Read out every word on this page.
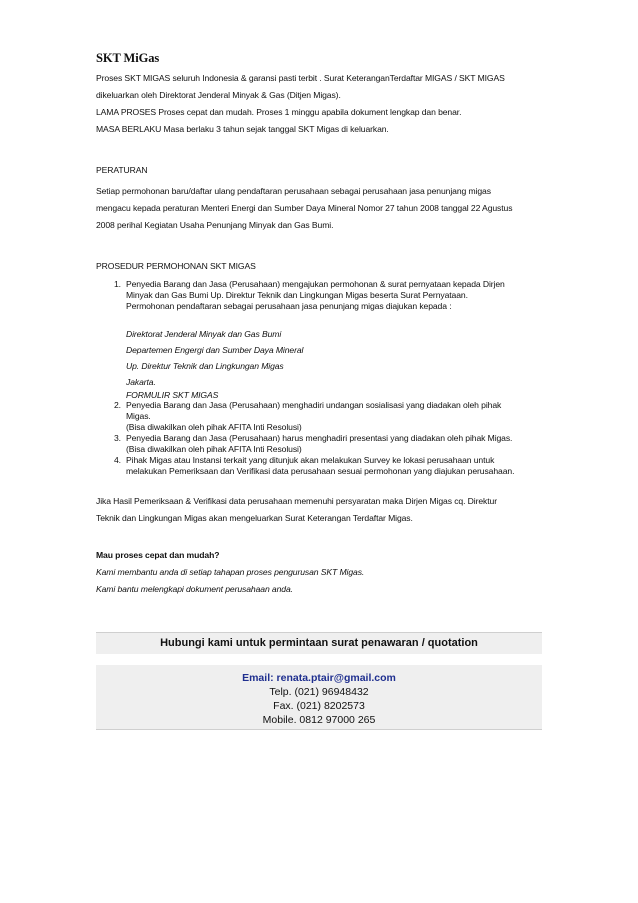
SKT MiGas
Proses SKT MIGAS seluruh Indonesia & garansi pasti terbit . Surat KeteranganTerdaftar MIGAS / SKT MIGAS
dikeluarkan oleh Direktorat Jenderal Minyak & Gas (Ditjen Migas).
LAMA PROSES Proses cepat dan mudah. Proses 1 minggu apabila dokument lengkap dan benar.
MASA BERLAKU Masa berlaku 3 tahun sejak tanggal SKT Migas di keluarkan.
PERATURAN
Setiap permohonan baru/daftar ulang pendaftaran perusahaan sebagai perusahaan jasa penunjang migas
mengacu kepada peraturan Menteri Energi dan Sumber Daya Mineral Nomor 27 tahun 2008 tanggal 22 Agustus
2008 perihal Kegiatan Usaha Penunjang Minyak dan Gas Bumi.
PROSEDUR PERMOHONAN SKT MIGAS
1. Penyedia Barang dan Jasa (Perusahaan) mengajukan permohonan & surat pernyataan kepada Dirjen
Minyak dan Gas Bumi Up. Direktur Teknik dan Lingkungan Migas beserta Surat Pernyataan.
Permohonan pendaftaran sebagai perusahaan jasa penunjang migas diajukan kepada :
Direktorat Jenderal Minyak dan Gas Bumi
Departemen Engergi dan Sumber Daya Mineral
Up. Direktur Teknik dan Lingkungan Migas
Jakarta.
FORMULIR SKT MIGAS
2. Penyedia Barang dan Jasa (Perusahaan) menghadiri undangan sosialisasi yang diadakan oleh pihak
Migas.
(Bisa diwakilkan oleh pihak AFITA Inti Resolusi)
3. Penyedia Barang dan Jasa (Perusahaan) harus menghadiri presentasi yang diadakan oleh pihak Migas.
(Bisa diwakilkan oleh pihak AFITA Inti Resolusi)
4. Pihak Migas atau Instansi terkait yang ditunjuk akan melakukan Survey ke lokasi perusahaan untuk
melakukan Pemeriksaan dan Verifikasi data perusahaan sesuai permohonan yang diajukan perusahaan.
Jika Hasil Pemeriksaan & Verifikasi data perusahaan memenuhi persyaratan maka Dirjen Migas cq. Direktur
Teknik dan Lingkungan Migas akan mengeluarkan Surat Keterangan Terdaftar Migas.
Mau proses cepat dan mudah?
Kami membantu anda di setiap tahapan proses pengurusan SKT Migas.
Kami bantu melengkapi dokument perusahaan anda.
Hubungi kami untuk permintaan surat penawaran / quotation
Email: renata.ptair@gmail.com
Telp. (021) 96948432
Fax. (021) 8202573
Mobile. 0812 97000 265
